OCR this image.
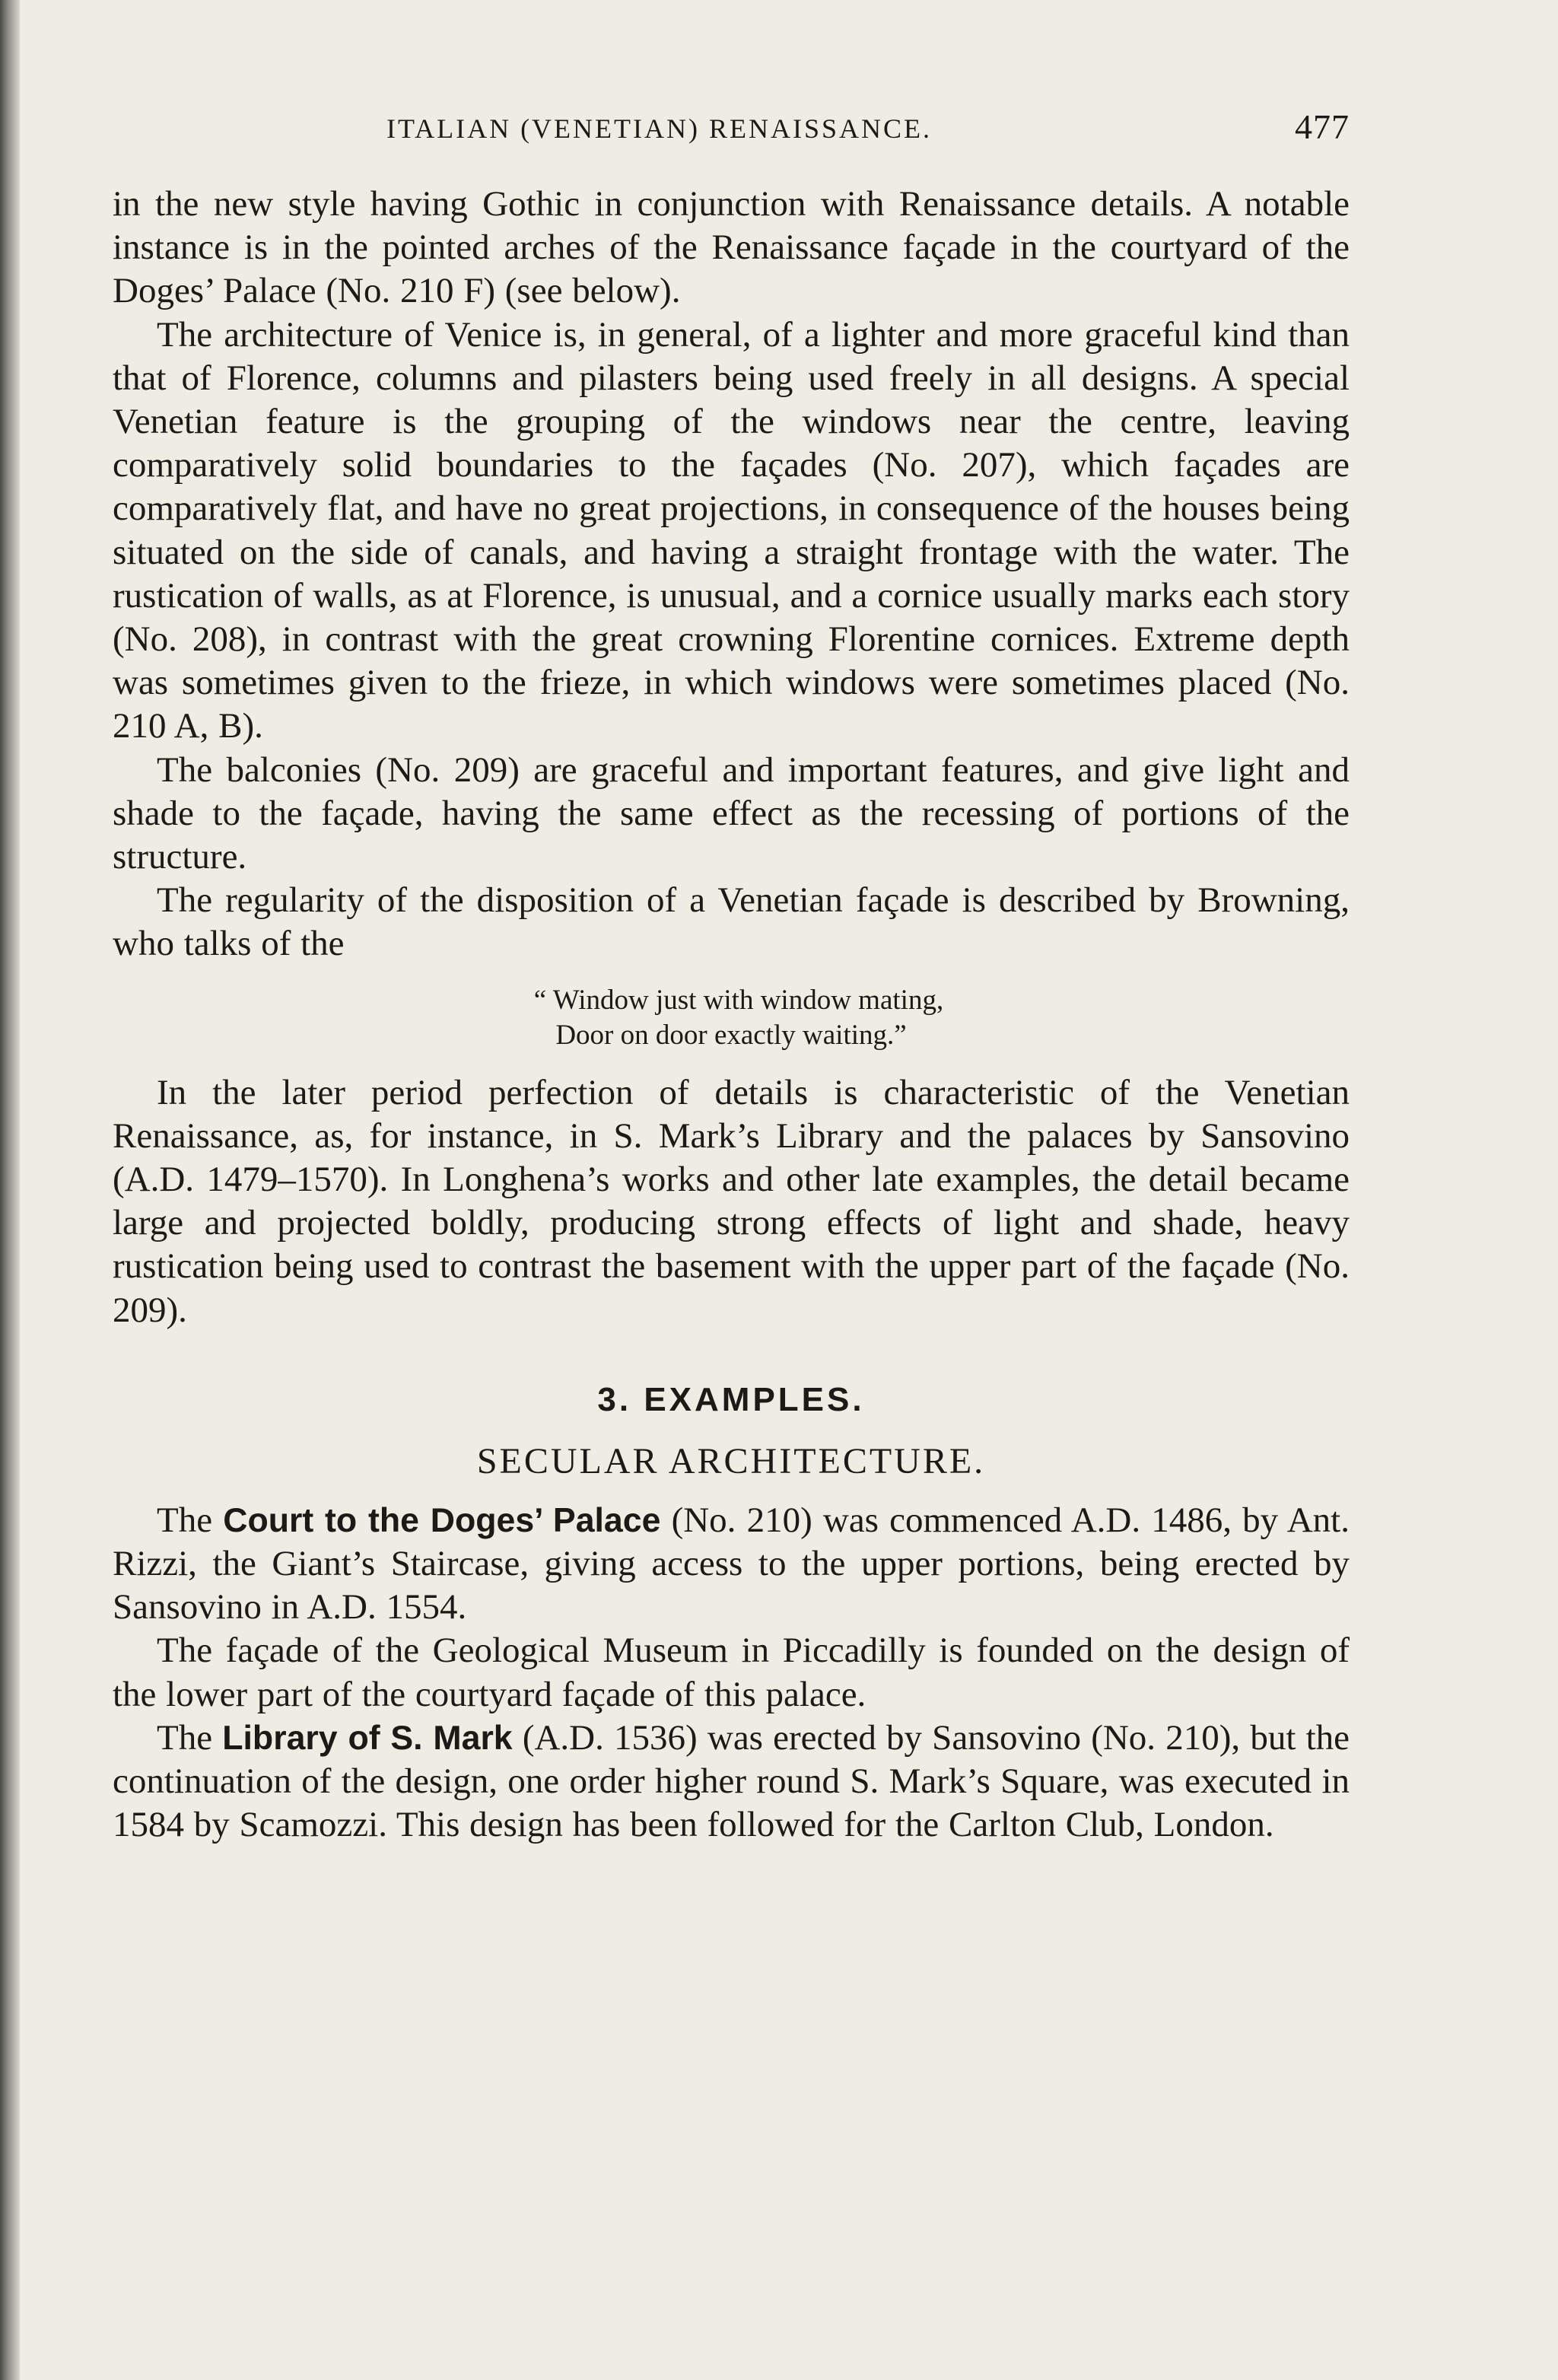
ITALIAN (VENETIAN) RENAISSANCE.	477

in the new style having Gothic in conjunction with Renaissance details. A notable instance is in the pointed arches of the Renaissance façade in the courtyard of the Doges’ Palace (No. 210 F) (see below).

The architecture of Venice is, in general, of a lighter and more graceful kind than that of Florence, columns and pilasters being used freely in all designs. A special Venetian feature is the grouping of the windows near the centre, leaving comparatively solid boundaries to the façades (No. 207), which façades are comparatively flat, and have no great projections, in consequence of the houses being situated on the side of canals, and having a straight frontage with the water. The rustication of walls, as at Florence, is unusual, and a cornice usually marks each story (No. 208), in contrast with the great crowning Florentine cornices. Extreme depth was sometimes given to the frieze, in which windows were sometimes placed (No. 210 A, B).

The balconies (No. 209) are graceful and important features, and give light and shade to the façade, having the same effect as the recessing of portions of the structure.

The regularity of the disposition of a Venetian façade is described by Browning, who talks of the

“ Window just with window mating,
Door on door exactly waiting.”

In the later period perfection of details is characteristic of the Venetian Renaissance, as, for instance, in S. Mark’s Library and the palaces by Sansovino (A.D. 1479–1570). In Longhena’s works and other late examples, the detail became large and projected boldly, producing strong effects of light and shade, heavy rustication being used to contrast the basement with the upper part of the façade (No. 209).

3. EXAMPLES.
SECULAR ARCHITECTURE.

The Court to the Doges’ Palace (No. 210) was commenced A.D. 1486, by Ant. Rizzi, the Giant’s Staircase, giving access to the upper portions, being erected by Sansovino in A.D. 1554.

The façade of the Geological Museum in Piccadilly is founded on the design of the lower part of the courtyard façade of this palace.

The Library of S. Mark (A.D. 1536) was erected by Sansovino (No. 210), but the continuation of the design, one order higher round S. Mark’s Square, was executed in 1584 by Scamozzi. This design has been followed for the Carlton Club, London.
